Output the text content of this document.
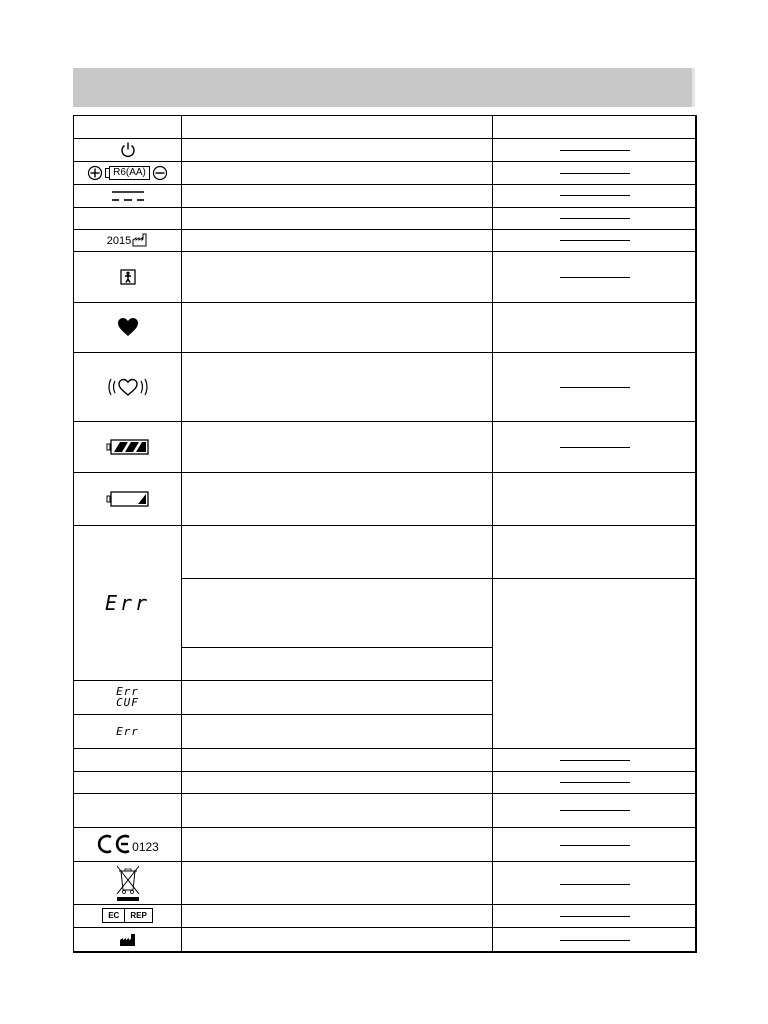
R6(AA)
2015
Err
Err
CUF
Err
0123
EC	REP
